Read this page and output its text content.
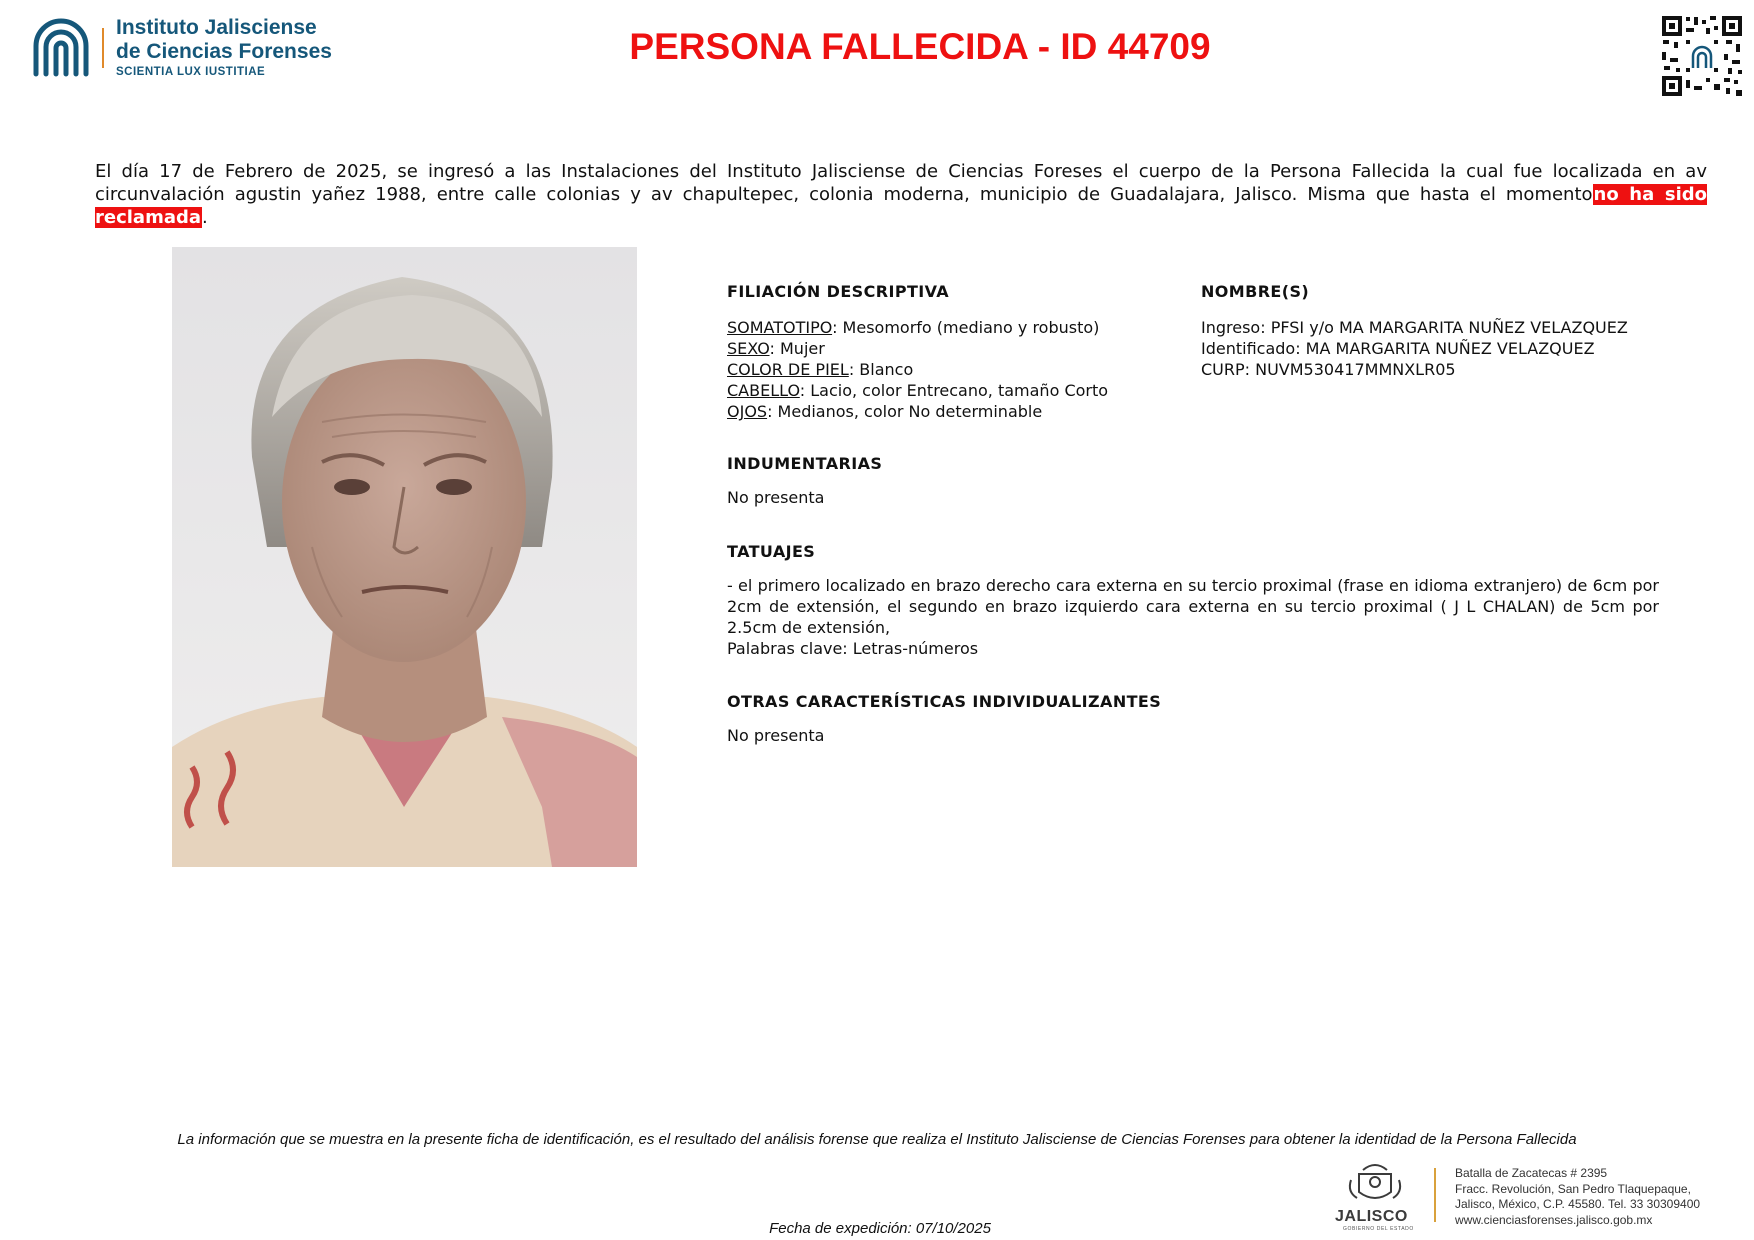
Instituto Jalisciense
de Ciencias Forenses
SCIENTIA LUX IUSTITIAE
PERSONA FALLECIDA - ID 44709
El día 17 de Febrero de 2025, se ingresó a las Instalaciones del Instituto Jalisciense de Ciencias Foreses el cuerpo de la Persona Fallecida la cual fue localizada en av circunvalación agustin yañez 1988, entre calle colonias y av chapultepec, colonia moderna, municipio de Guadalajara, Jalisco. Misma que hasta el momentono ha sido reclamada.
FILIACIÓN DESCRIPTIVA
SOMATOTIPO: Mesomorfo (mediano y robusto)
SEXO: Mujer
COLOR DE PIEL: Blanco
CABELLO: Lacio, color Entrecano, tamaño Corto
OJOS: Medianos, color No determinable
NOMBRE(S)
Ingreso: PFSI y/o MA MARGARITA NUÑEZ VELAZQUEZ
Identificado: MA MARGARITA NUÑEZ VELAZQUEZ
CURP: NUVM530417MMNXLR05
INDUMENTARIAS
No presenta
TATUAJES
- el primero localizado en brazo derecho cara externa en su tercio proximal (frase en idioma extranjero) de 6cm por 2cm de extensión, el segundo en brazo izquierdo cara externa en su tercio proximal ( J L CHALAN) de 5cm por 2.5cm de extensión,
Palabras clave: Letras-números
OTRAS CARACTERÍSTICAS INDIVIDUALIZANTES
No presenta
La información que se muestra en la presente ficha de identificación, es el resultado del análisis forense que realiza el Instituto Jalisciense de Ciencias Forenses para obtener la identidad de la Persona Fallecida
JALISCO
GOBIERNO DEL ESTADO
Batalla de Zacatecas # 2395
Fracc. Revolución, San Pedro Tlaquepaque,
Jalisco, México, C.P. 45580. Tel. 33 30309400
www.cienciasforenses.jalisco.gob.mx
Fecha de expedición: 07/10/2025
